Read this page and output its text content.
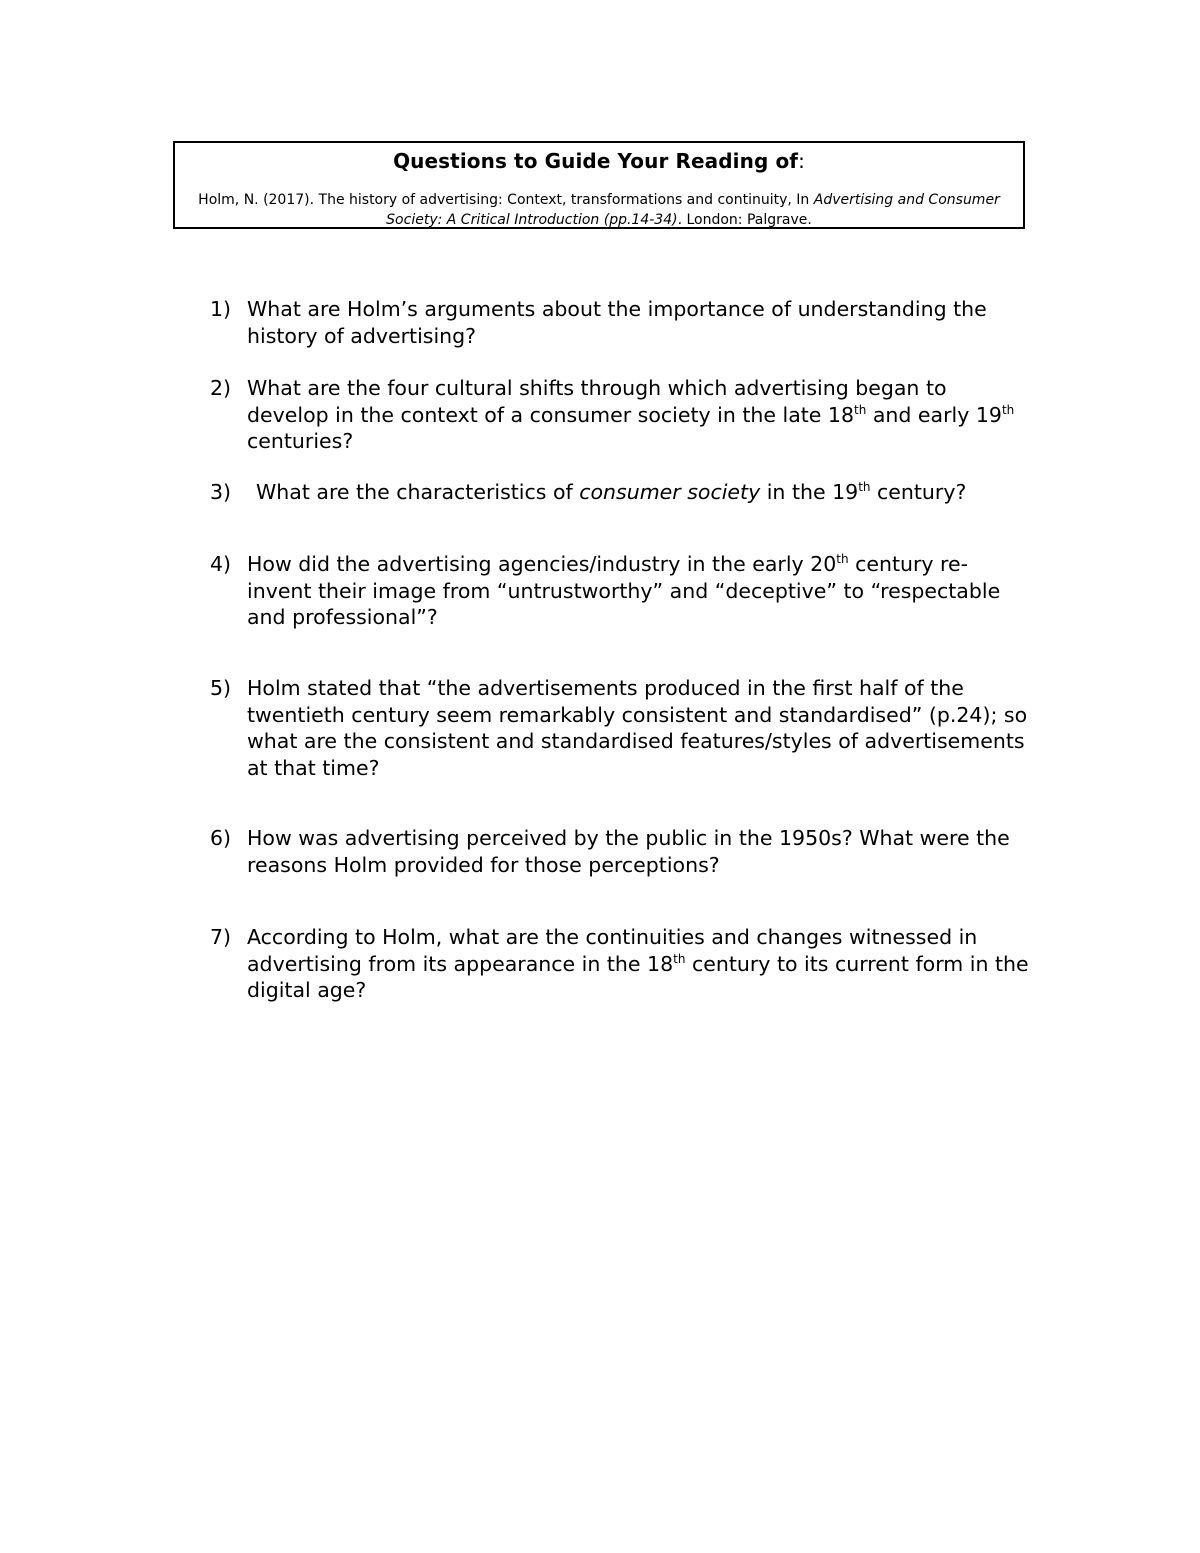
Questions to Guide Your Reading of:
Holm, N. (2017). The history of advertising: Context, transformations and continuity, In Advertising and Consumer Society: A Critical Introduction (pp.14-34). London: Palgrave.
1) What are Holm’s arguments about the importance of understanding the history of advertising?
2) What are the four cultural shifts through which advertising began to develop in the context of a consumer society in the late 18th and early 19th centuries?
3) What are the characteristics of consumer society in the 19th century?
4) How did the advertising agencies/industry in the early 20th century re-invent their image from “untrustworthy” and “deceptive” to “respectable and professional”?
5) Holm stated that “the advertisements produced in the first half of the twentieth century seem remarkably consistent and standardised” (p.24); so what are the consistent and standardised features/styles of advertisements at that time?
6) How was advertising perceived by the public in the 1950s? What were the reasons Holm provided for those perceptions?
7) According to Holm, what are the continuities and changes witnessed in advertising from its appearance in the 18th century to its current form in the digital age?
